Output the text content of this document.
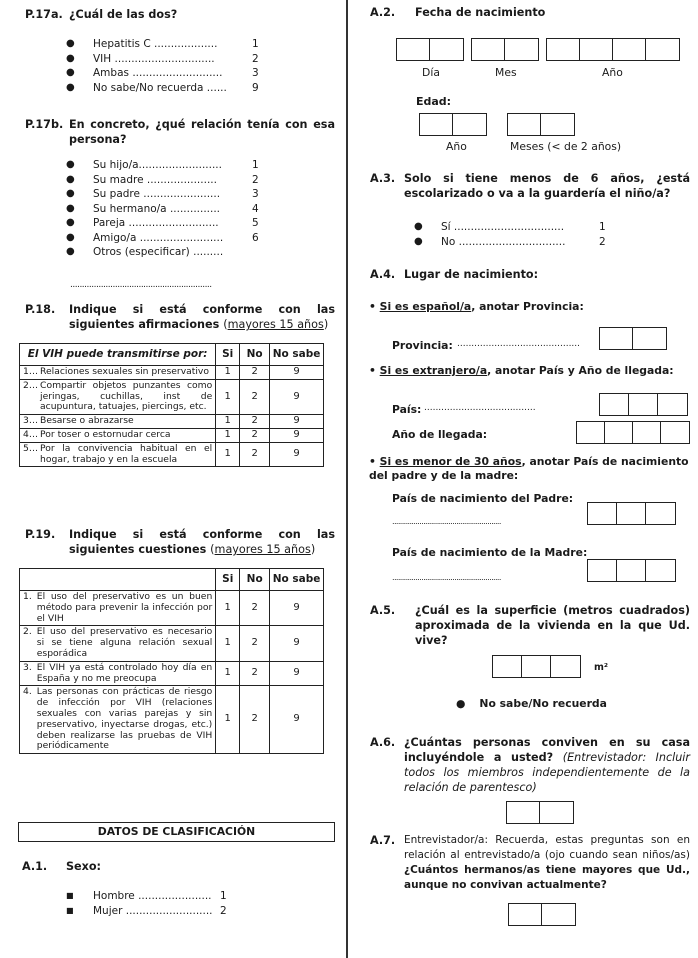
P.17a. ¿Cuál de las dos?
● Hepatitis C ...................	1
● VIH ..............................	2
● Ambas ...........................	3
● No sabe/No recuerda ...... 9
P.17b. En concreto, ¿qué relación tenía con esa persona?
● Su hijo/a.........................	1
● Su madre .....................	2
● Su padre .......................	3
● Su hermano/a ...............	4
● Pareja ...........................	5
● Amigo/a .........................	6
● Otros (especificar) .........
............................................................
P.18.	Indique si está conforme con las siguientes afirmaciones (mayores 15 años)
El VIH puede transmitirse por:	Si	No	No sabe

1… Relaciones sexuales sin preservativo	1	2	9

2… Compartir objetos punzantes como jeringas, cuchillas, inst de acupuntura, tatuajes, piercings, etc.	1	2	9

3… Besarse o abrazarse	1	2	9

4… Por toser o estornudar cerca	1	2	9

5… Por la convivencia habitual en el hogar, trabajo y en la escuela	1	2	9
P.19.	Indique si está conforme con las siguientes cuestiones (mayores 15 años)
	Si	No	No sabe

1. El uso del preservativo es un buen método para prevenir la infección por el VIH	1	2	9

2. El uso del preservativo es necesario si se tiene alguna relación sexual esporádica	1	2	9

3. El VIH ya está controlado hoy día en España y no me preocupa	1	2	9

4. Las personas con prácticas de riesgo de infección por VIH (relaciones sexuales con varias parejas y sin preservativo, inyectarse drogas, etc.) deben realizarse las pruebas de VIH periódicamente	1	2	9
DATOS DE CLASIFICACIÓN
A.1.	Sexo:
■ Hombre ...................... 1
■ Mujer .......................... 2
A.2.	Fecha de nacimiento
Día	Mes	Año
Edad:
Año	Meses (< de 2 años)
A.3. Solo si tiene menos de 6 años, ¿está escolarizado o va a la guardería el niño/a?
● Sí .................................	1
● No ................................	2
A.4. Lugar de nacimiento:
• Si es español/a, anotar Provincia:
Provincia: ...........................................
• Si es extranjero/a, anotar País y Año de llegada:
País: .......................................
Año de llegada:
• Si es menor de 30 años, anotar País de nacimiento del padre y de la madre:
País de nacimiento del Padre:
........................................................
País de nacimiento de la Madre:
........................................................
A.5.	¿Cuál es la superficie (metros cuadrados) aproximada de la vivienda en la que Ud. vive?
m²
● No sabe/No recuerda
A.6. ¿Cuántas personas conviven en su casa incluyéndole a usted? (Entrevistador: Incluir todos los miembros independientemente de la relación de parentesco)
A.7. Entrevistador/a: Recuerda, estas preguntas son en relación al entrevistado/a (ojo cuando sean niños/as) ¿Cuántos hermanos/as tiene mayores que Ud., aunque no convivan actualmente?
